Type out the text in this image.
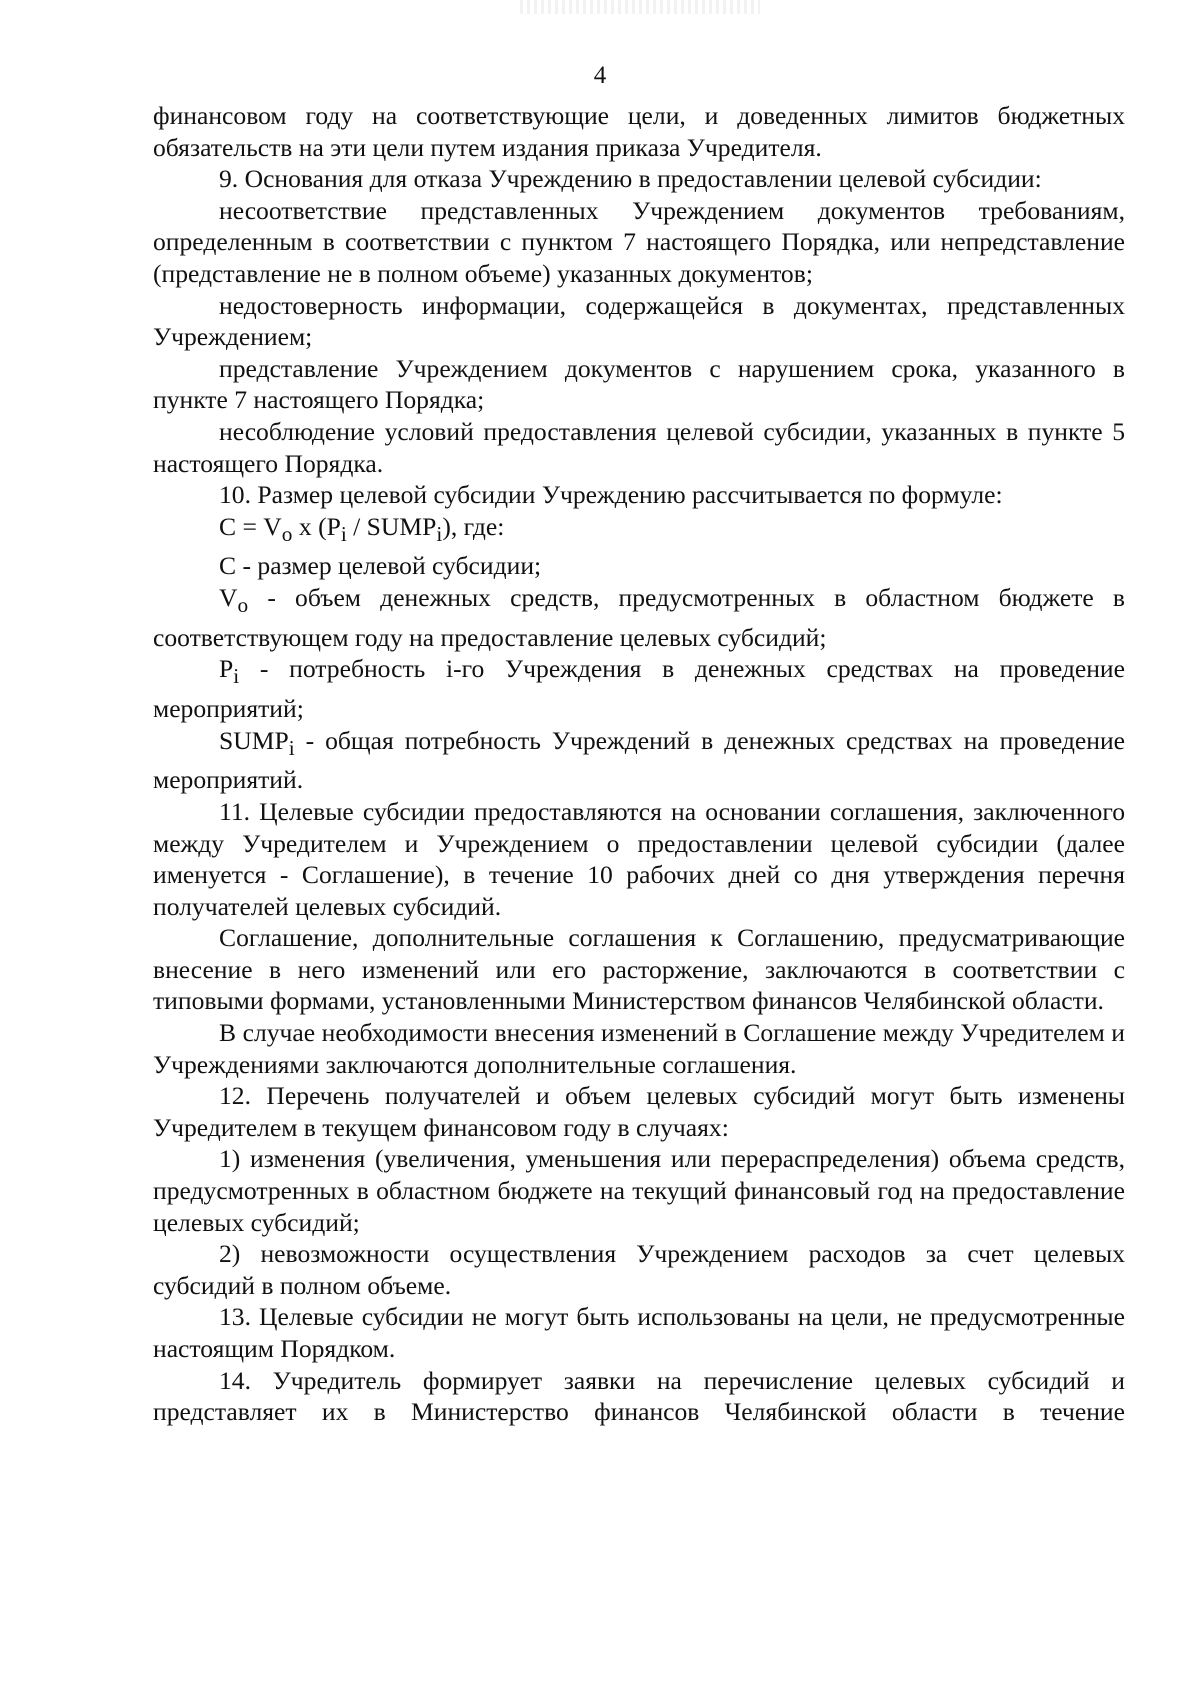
4

финансовом году на соответствующие цели, и доведенных лимитов бюджетных обязательств на эти цели путем издания приказа Учредителя.

9. Основания для отказа Учреждению в предоставлении целевой субсидии:

несоответствие представленных Учреждением документов требованиям, определенным в соответствии с пунктом 7 настоящего Порядка, или непредставление (представление не в полном объеме) указанных документов;

недостоверность информации, содержащейся в документах, представленных Учреждением;

представление Учреждением документов с нарушением срока, указанного в пункте 7 настоящего Порядка;

несоблюдение условий предоставления целевой субсидии, указанных в пункте 5 настоящего Порядка.

10. Размер целевой субсидии Учреждению рассчитывается по формуле:

$С = V_о$ х ($P_i$ / $SUMP_i$), где:

С - размер целевой субсидии;

$V_о$ - объем денежных средств, предусмотренных в областном бюджете в соответствующем году на предоставление целевых субсидий;

$P_i$ - потребность i-го Учреждения в денежных средствах на проведение мероприятий;

$SUMP_i$ - общая потребность Учреждений в денежных средствах на проведение мероприятий.

11. Целевые субсидии предоставляются на основании соглашения, заключенного между Учредителем и Учреждением о предоставлении целевой субсидии (далее именуется - Соглашение), в течение 10 рабочих дней со дня утверждения перечня получателей целевых субсидий.

Соглашение, дополнительные соглашения к Соглашению, предусматривающие внесение в него изменений или его расторжение, заключаются в соответствии с типовыми формами, установленными Министерством финансов Челябинской области.

В случае необходимости внесения изменений в Соглашение между Учредителем и Учреждениями заключаются дополнительные соглашения.

12. Перечень получателей и объем целевых субсидий могут быть изменены Учредителем в текущем финансовом году в случаях:

1) изменения (увеличения, уменьшения или перераспределения) объема средств, предусмотренных в областном бюджете на текущий финансовый год на предоставление целевых субсидий;

2) невозможности осуществления Учреждением расходов за счет целевых субсидий в полном объеме.

13. Целевые субсидии не могут быть использованы на цели, не предусмотренные настоящим Порядком.

14. Учредитель формирует заявки на перечисление целевых субсидий и представляет их в Министерство финансов Челябинской области в течение
